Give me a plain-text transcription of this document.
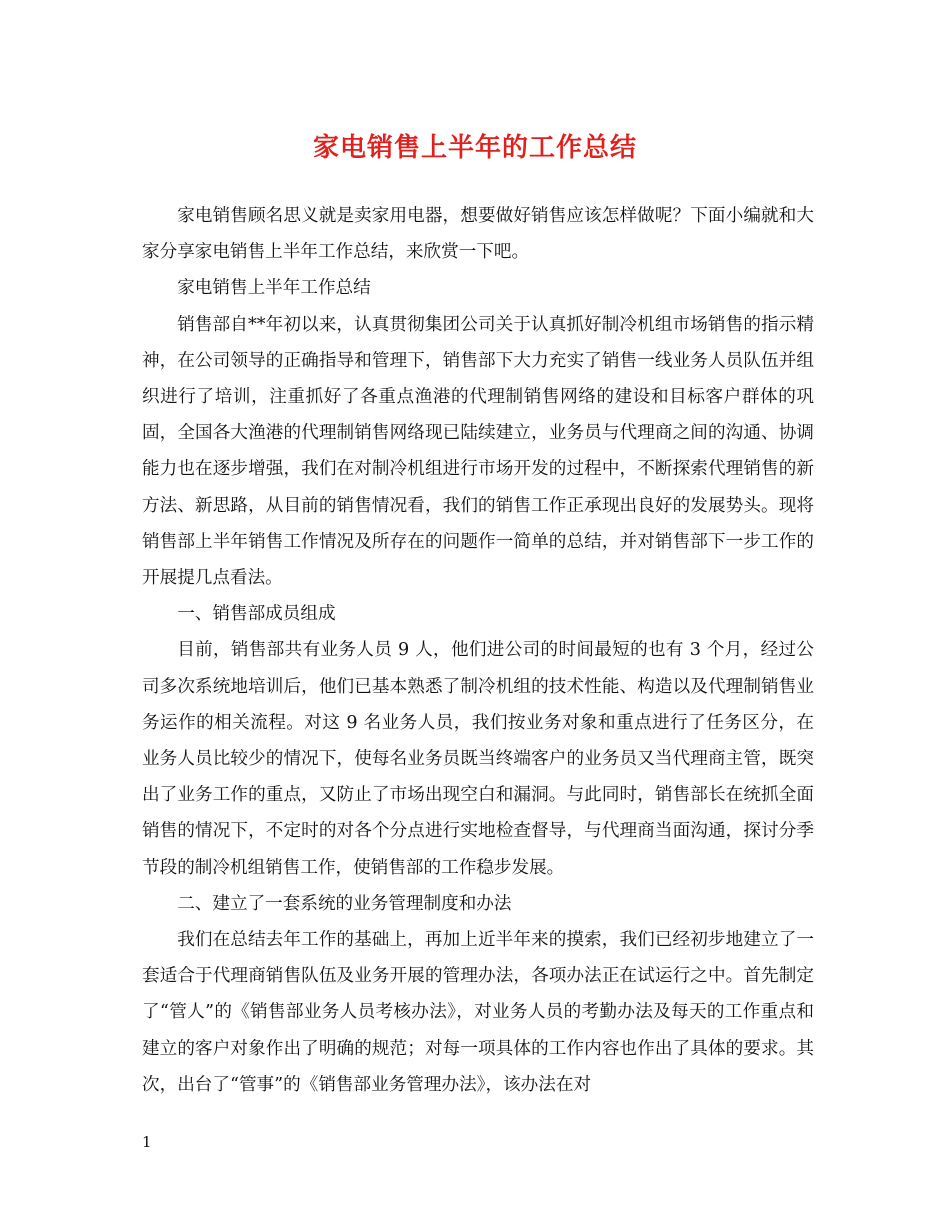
家电销售上半年的工作总结

家电销售顾名思义就是卖家用电器，想要做好销售应该怎样做呢？下面小编就和大家分享家电销售上半年工作总结，来欣赏一下吧。

家电销售上半年工作总结

销售部自**年初以来，认真贯彻集团公司关于认真抓好制冷机组市场销售的指示精神，在公司领导的正确指导和管理下，销售部下大力充实了销售一线业务人员队伍并组织进行了培训，注重抓好了各重点渔港的代理制销售网络的建设和目标客户群体的巩固，全国各大渔港的代理制销售网络现已陆续建立，业务员与代理商之间的沟通、协调能力也在逐步增强，我们在对制冷机组进行市场开发的过程中，不断探索代理销售的新方法、新思路，从目前的销售情况看，我们的销售工作正承现出良好的发展势头。现将销售部上半年销售工作情况及所存在的问题作一简单的总结，并对销售部下一步工作的开展提几点看法。

一、销售部成员组成

目前，销售部共有业务人员 9 人，他们进公司的时间最短的也有 3 个月，经过公司多次系统地培训后，他们已基本熟悉了制冷机组的技术性能、构造以及代理制销售业务运作的相关流程。对这 9 名业务人员，我们按业务对象和重点进行了任务区分，在业务人员比较少的情况下，使每名业务员既当终端客户的业务员又当代理商主管，既突出了业务工作的重点，又防止了市场出现空白和漏洞。与此同时，销售部长在统抓全面销售的情况下，不定时的对各个分点进行实地检查督导，与代理商当面沟通，探讨分季节段的制冷机组销售工作，使销售部的工作稳步发展。

二、建立了一套系统的业务管理制度和办法

我们在总结去年工作的基础上，再加上近半年来的摸索，我们已经初步地建立了一套适合于代理商销售队伍及业务开展的管理办法，各项办法正在试运行之中。首先制定了“管人”的《销售部业务人员考核办法》，对业务人员的考勤办法及每天的工作重点和建立的客户对象作出了明确的规范；对每一项具体的工作内容也作出了具体的要求。其次，出台了“管事”的《销售部业务管理办法》，该办法在对

1
